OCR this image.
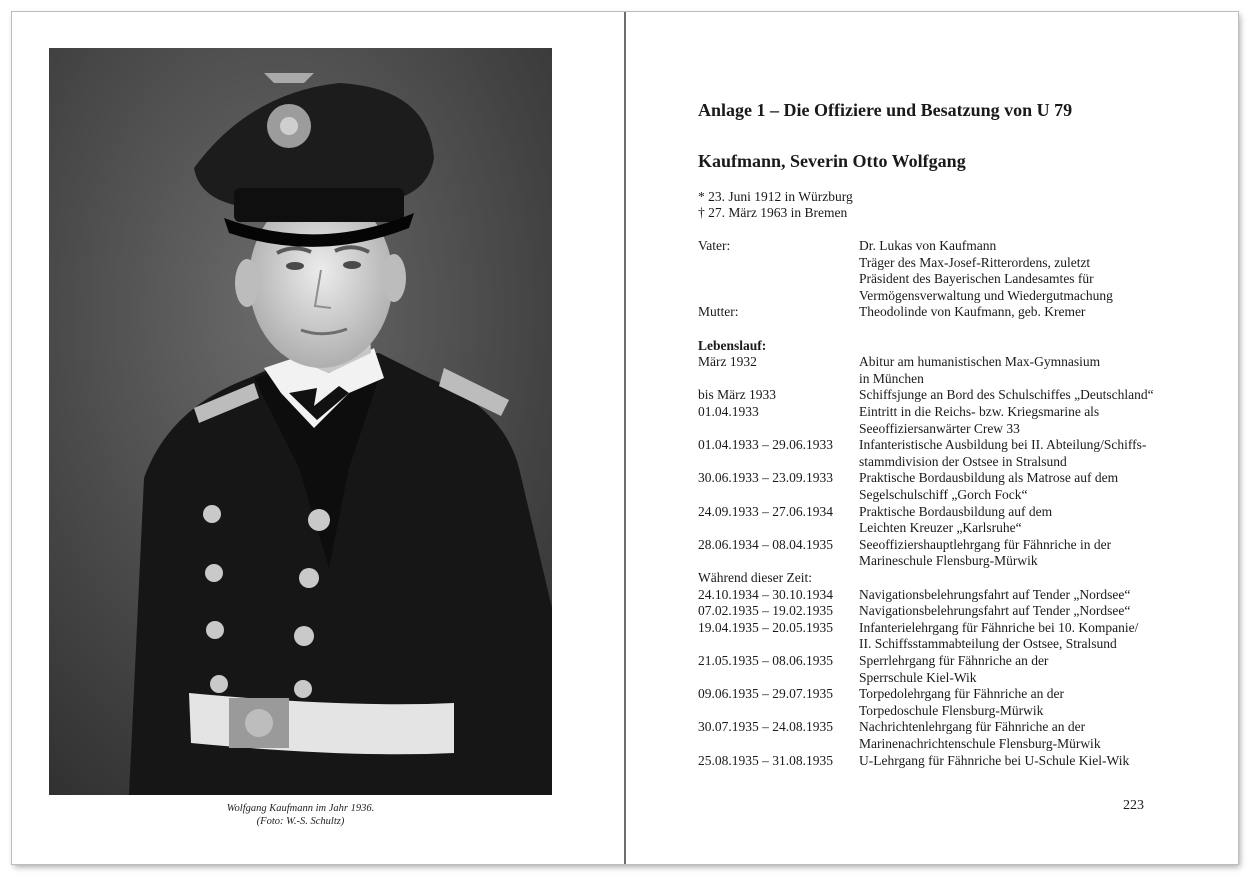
Wolfgang Kaufmann im Jahr 1936.
(Foto: W.-S. Schultz)
Anlage 1 – Die Offiziere und Besatzung von U 79
Kaufmann, Severin Otto Wolfgang
* 23. Juni 1912 in Würzburg
† 27. März 1963 in Bremen
Vater:	Dr. Lukas von Kaufmann
Träger des Max-Josef-Ritterordens, zuletzt
Präsident des Bayerischen Landesamtes für
Vermögensverwaltung und Wiedergutmachung
Mutter:	Theodolinde von Kaufmann, geb. Kremer
Lebenslauf:
März 1932	Abitur am humanistischen Max-Gymnasium
in München
bis März 1933	Schiffsjunge an Bord des Schulschiffes „Deutschland“
01.04.1933	Eintritt in die Reichs- bzw. Kriegsmarine als
Seeoffiziersanwärter Crew 33
01.04.1933 – 29.06.1933 Infanteristische Ausbildung bei II. Abteilung/Schiffs-
stammdivision der Ostsee in Stralsund
30.06.1933 – 23.09.1933 Praktische Bordausbildung als Matrose auf dem
Segelschulschiff „Gorch Fock“
24.09.1933 – 27.06.1934 Praktische Bordausbildung auf dem
Leichten Kreuzer „Karlsruhe“
28.06.1934 – 08.04.1935 Seeoffiziershauptlehrgang für Fähnriche in der
Marineschule Flensburg-Mürwik
Während dieser Zeit:
24.10.1934 – 30.10.1934 Navigationsbelehrungsfahrt auf Tender „Nordsee“
07.02.1935 – 19.02.1935 Navigationsbelehrungsfahrt auf Tender „Nordsee“
19.04.1935 – 20.05.1935 Infanterielehrgang für Fähnriche bei 10. Kompanie/
II. Schiffsstammabteilung der Ostsee, Stralsund
21.05.1935 – 08.06.1935 Sperrlehrgang für Fähnriche an der
Sperrschule Kiel-Wik
09.06.1935 – 29.07.1935 Torpedolehrgang für Fähnriche an der
Torpedoschule Flensburg-Mürwik
30.07.1935 – 24.08.1935 Nachrichtenlehrgang für Fähnriche an der
Marinenachrichtenschule Flensburg-Mürwik
25.08.1935 – 31.08.1935 U-Lehrgang für Fähnriche bei U-Schule Kiel-Wik
223
